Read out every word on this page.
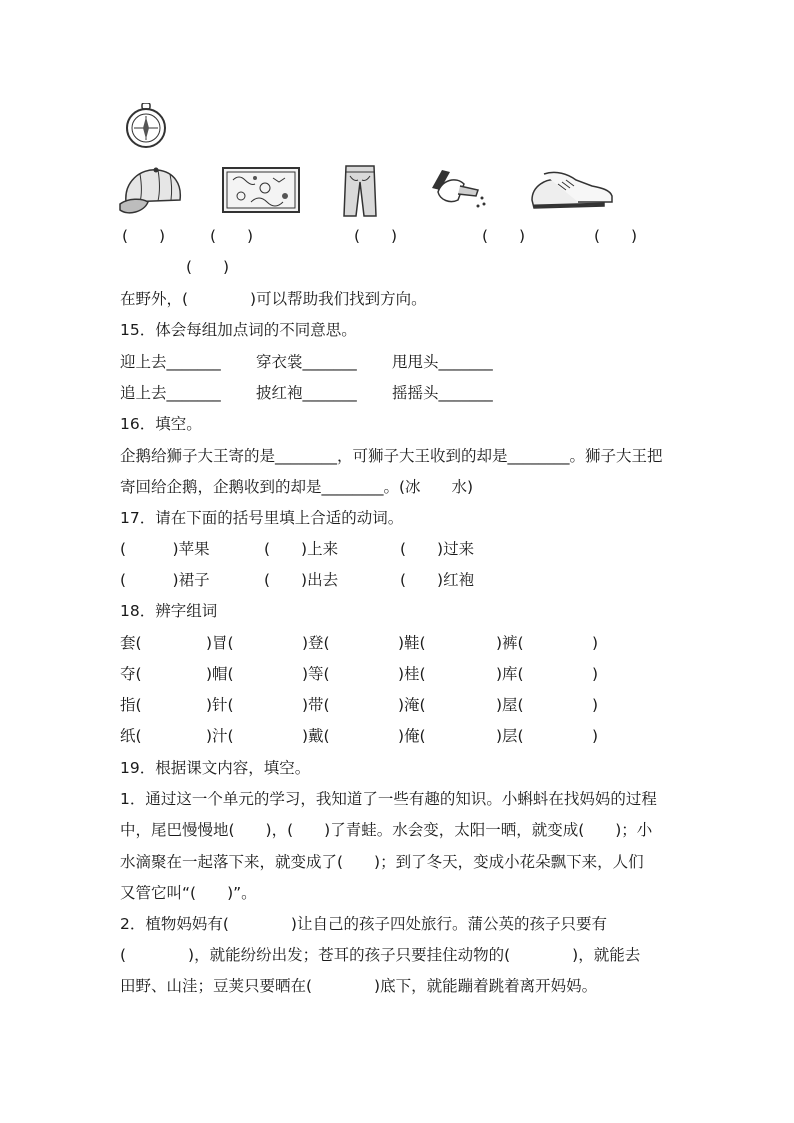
(　　)	(　　)	(　　)	(　　)	(　　)
(　　)
在野外，(　　　　)可以帮助我们找到方向。
15．体会每组加点词的不同意思。
迎上去_______ 穿衣裳_______ 甩甩头_______
追上去_______ 披红袍_______ 摇摇头_______
16．填空。
企鹅给狮子大王寄的是________，可狮子大王收到的却是________。狮子大王把
寄回给企鹅，企鹅收到的却是________。(冰　　水)
17．请在下面的括号里填上合适的动词。
(　　　)苹果	(　　)上来	(　　)过来
(　　　)裙子	(　　)出去	(　　)红袍
18．辨字组词
套(	)冒(	)登(	)鞋(	)裤(	)
夺(	)帽(	)等(	)桂(	)库(	)
指(	)针(	)带(	)淹(	)屋(	)
纸(	)汁(	)戴(	)俺(	)层(	)
19．根据课文内容，填空。
1．通过这一个单元的学习，我知道了一些有趣的知识。小蝌蚪在找妈妈的过程
中，尾巴慢慢地(　　)，(　　)了青蛙。水会变，太阳一晒，就变成(　　)；小
水滴聚在一起落下来，就变成了(　　)；到了冬天，变成小花朵飘下来，人们
又管它叫“(　　)”。
2．植物妈妈有(　　　　)让自己的孩子四处旅行。蒲公英的孩子只要有
(　　　　)，就能纷纷出发；苍耳的孩子只要挂住动物的(　　　　)，就能去
田野、山洼；豆荚只要晒在(　　　　)底下，就能蹦着跳着离开妈妈。
